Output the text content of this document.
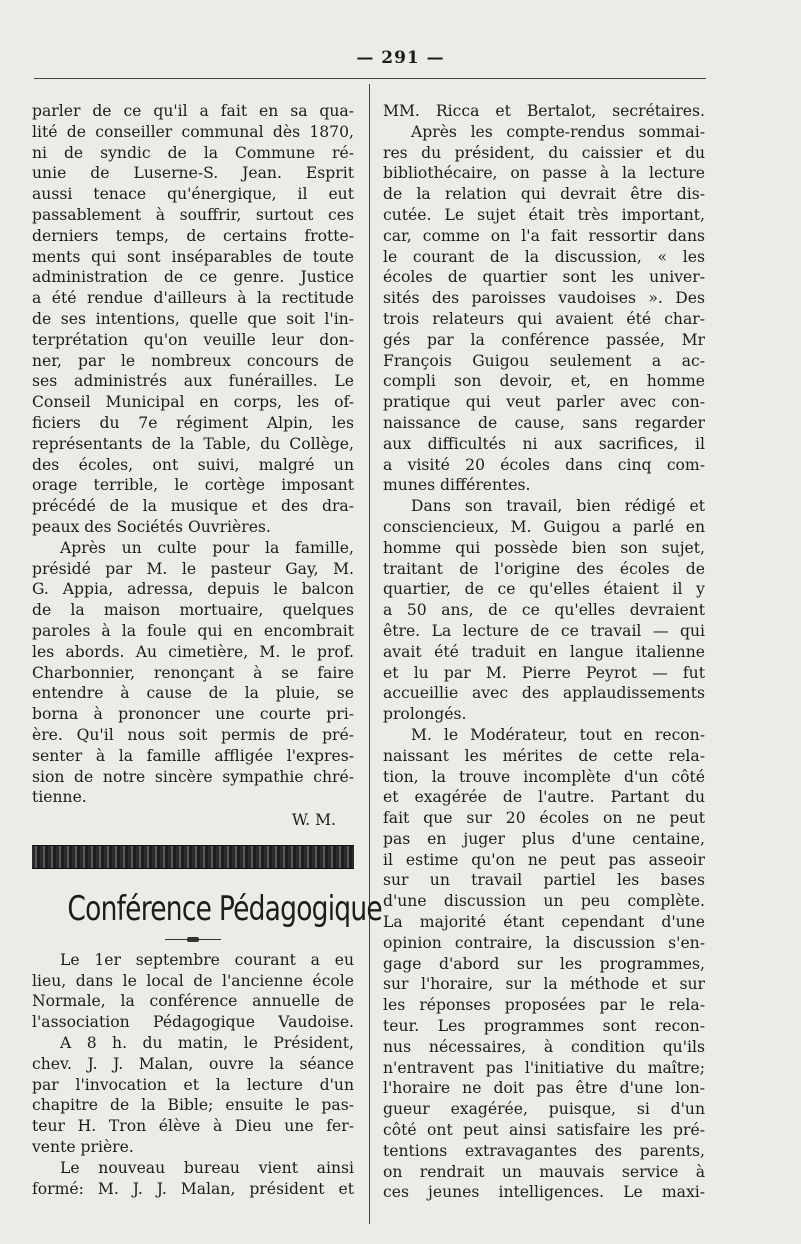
— 291 —
parler de ce qu'il a fait en sa qua-
lité de conseiller communal dès 1870,
ni de syndic de la Commune ré-
unie de Luserne-S. Jean. Esprit
aussi tenace qu'énergique, il eut
passablement à souffrir, surtout ces
derniers temps, de certains frotte-
ments qui sont inséparables de toute
administration de ce genre. Justice
a été rendue d'ailleurs à la rectitude
de ses intentions, quelle que soit l'in-
terprétation qu'on veuille leur don-
ner, par le nombreux concours de
ses administrés aux funérailles. Le
Conseil Municipal en corps, les of-
ficiers du 7e régiment Alpin, les
représentants de la Table, du Collège,
des écoles, ont suivi, malgré un
orage terrible, le cortège imposant
précédé de la musique et des dra-
peaux des Sociétés Ouvrières.
Après un culte pour la famille,
présidé par M. le pasteur Gay, M.
G. Appia, adressa, depuis le balcon
de la maison mortuaire, quelques
paroles à la foule qui en encombrait
les abords. Au cimetière, M. le prof.
Charbonnier, renonçant à se faire
entendre à cause de la pluie, se
borna à prononcer une courte pri-
ère. Qu'il nous soit permis de pré-
senter à la famille affligée l'expres-
sion de notre sincère sympathie chré-
tienne.
W. M.
Conférence Pédagogique
Le 1er septembre courant a eu
lieu, dans le local de l'ancienne école
Normale, la conférence annuelle de
l'association Pédagogique Vaudoise.
A 8 h. du matin, le Président,
chev. J. J. Malan, ouvre la séance
par l'invocation et la lecture d'un
chapitre de la Bible; ensuite le pas-
teur H. Tron élève à Dieu une fer-
vente prière.
Le nouveau bureau vient ainsi
formé: M. J. J. Malan, président et
MM. Ricca et Bertalot, secrétaires.
Après les compte-rendus sommai-
res du président, du caissier et du
bibliothécaire, on passe à la lecture
de la relation qui devrait être dis-
cutée. Le sujet était très important,
car, comme on l'a fait ressortir dans
le courant de la discussion, « les
écoles de quartier sont les univer-
sités des paroisses vaudoises ». Des
trois relateurs qui avaient été char-
gés par la conférence passée, Mr
François Guigou seulement a ac-
compli son devoir, et, en homme
pratique qui veut parler avec con-
naissance de cause, sans regarder
aux difficultés ni aux sacrifices, il
a visité 20 écoles dans cinq com-
munes différentes.
Dans son travail, bien rédigé et
consciencieux, M. Guigou a parlé en
homme qui possède bien son sujet,
traitant de l'origine des écoles de
quartier, de ce qu'elles étaient il y
a 50 ans, de ce qu'elles devraient
être. La lecture de ce travail — qui
avait été traduit en langue italienne
et lu par M. Pierre Peyrot — fut
accueillie avec des applaudissements
prolongés.
M. le Modérateur, tout en recon-
naissant les mérites de cette rela-
tion, la trouve incomplète d'un côté
et exagérée de l'autre. Partant du
fait que sur 20 écoles on ne peut
pas en juger plus d'une centaine,
il estime qu'on ne peut pas asseoir
sur un travail partiel les bases
d'une discussion un peu complète.
La majorité étant cependant d'une
opinion contraire, la discussion s'en-
gage d'abord sur les programmes,
sur l'horaire, sur la méthode et sur
les réponses proposées par le rela-
teur. Les programmes sont recon-
nus nécessaires, à condition qu'ils
n'entravent pas l'initiative du maître;
l'horaire ne doit pas être d'une lon-
gueur exagérée, puisque, si d'un
côté ont peut ainsi satisfaire les pré-
tentions extravagantes des parents,
on rendrait un mauvais service à
ces jeunes intelligences. Le maxi-
